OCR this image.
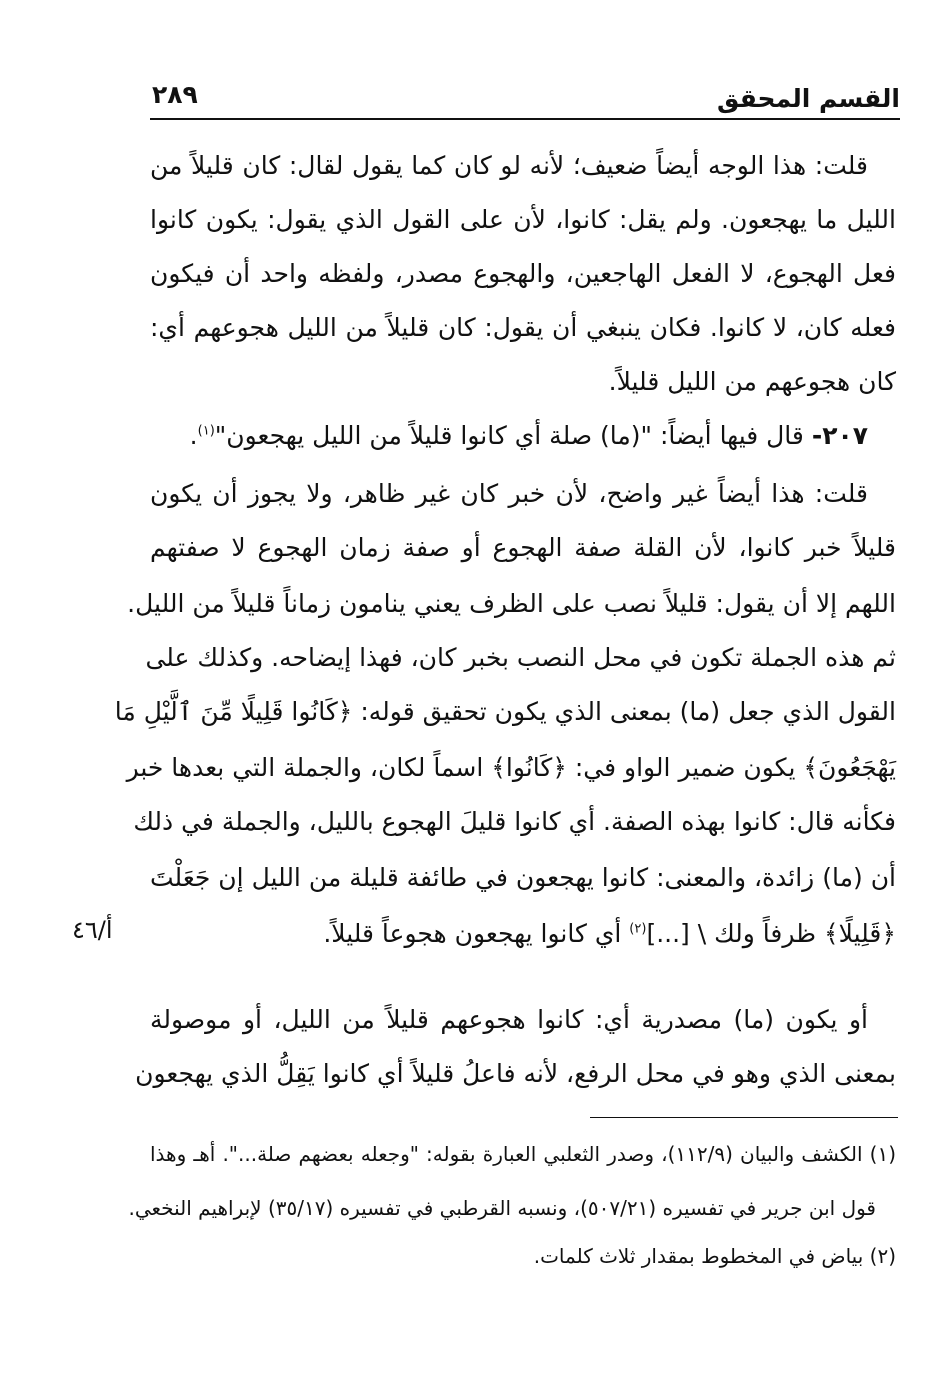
القسم المحقق
٢٨٩
قلت: هذا الوجه أيضاً ضعيف؛ لأنه لو كان كما يقول لقال: كان قليلاً من
الليل ما يهجعون. ولم يقل: كانوا، لأن على القول الذي يقول: يكون كانوا
فعل الهجوع، لا الفعل الهاجعين، والهجوع مصدر، ولفظه واحد أن فيكون
فعله كان، لا كانوا. فكان ينبغي أن يقول: كان قليلاً من الليل هجوعهم أي:
كان هجوعهم من الليل قليلاً.
٢٠٧- قال فيها أيضاً: "(ما) صلة أي كانوا قليلاً من الليل يهجعون"$^{(١)}$.
قلت: هذا أيضاً غير واضح، لأن خبر كان غير ظاهر، ولا يجوز أن يكون
قليلاً خبر كانوا، لأن القلة صفة الهجوع أو صفة زمان الهجوع لا صفتهم
اللهم إلا أن يقول: قليلاً نصب على الظرف يعني ينامون زماناً قليلاً من الليل.
ثم هذه الجملة تكون في محل النصب بخبر كان، فهذا إيضاحه. وكذلك على
القول الذي جعل (ما) بمعنى الذي يكون تحقيق قوله: ﴿كَانُوا قَلِيلًا مِّنَ ٱلَّيْلِ مَا
يَهْجَعُونَ﴾ يكون ضمير الواو في: ﴿كَانُوا﴾ اسماً لكان، والجملة التي بعدها خبر
فكأنه قال: كانوا بهذه الصفة. أي كانوا قليلَ الهجوع بالليل، والجملة في ذلك
أن (ما) زائدة، والمعنى: كانوا يهجعون في طائفة قليلة من الليل إن جَعَلْتَ
﴿قَلِيلًا﴾ ظرفاً ولك \ [...]$^{(٢)}$ أي كانوا يهجعون هجوعاً قليلاً.
أ/٤٦
أو يكون (ما) مصدرية أي: كانوا هجوعهم قليلاً من الليل، أو موصولة
بمعنى الذي وهو في محل الرفع، لأنه فاعلُ قليلاً أي كانوا يَقِلُّ الذي يهجعون
(١) الكشف والبيان (١١٢/٩)، وصدر الثعلبي العبارة بقوله: "وجعله بعضهم صلة...". أهـ وهذا
قول ابن جرير في تفسيره (٥٠٧/٢١)، ونسبه القرطبي في تفسيره (٣٥/١٧) لإبراهيم النخعي.
(٢) بياض في المخطوط بمقدار ثلاث كلمات.
